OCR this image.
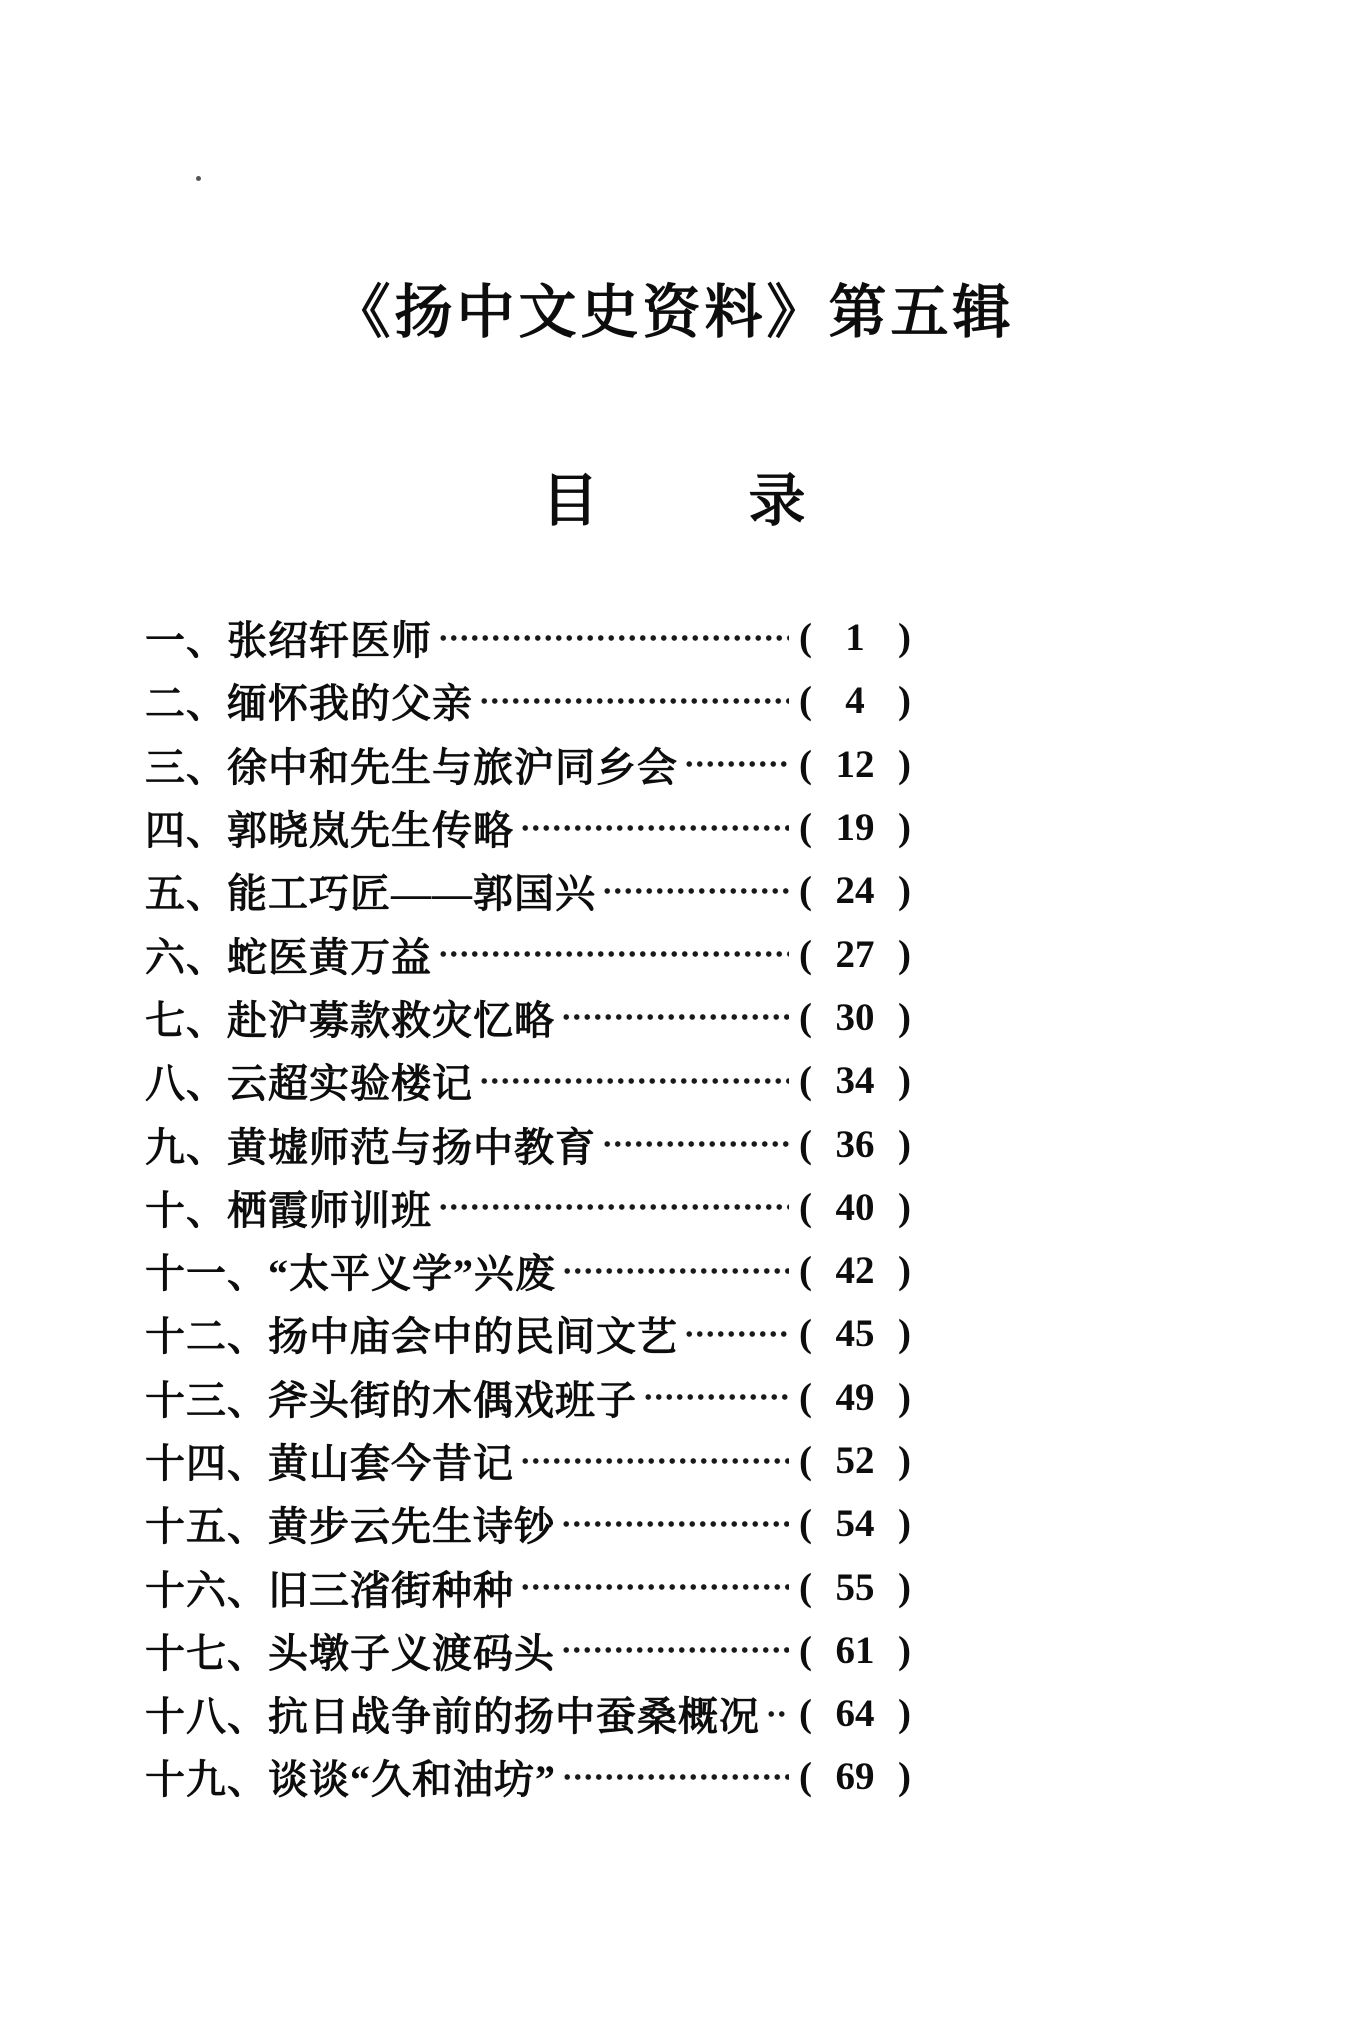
《扬中文史资料》第五辑
目	录
一、张绍轩医师	( 1 )
二、缅怀我的父亲	( 4 )
三、徐中和先生与旅沪同乡会	( 12 )
四、郭晓岚先生传略	( 19 )
五、能工巧匠——郭国兴	( 24 )
六、蛇医黄万益	( 27 )
七、赴沪募款救灾忆略	( 30 )
八、云超实验楼记	( 34 )
九、黄墟师范与扬中教育	( 36 )
十、栖霞师训班	( 40 )
十一、“太平义学”兴废	( 42 )
十二、扬中庙会中的民间文艺	( 45 )
十三、斧头街的木偶戏班子	( 49 )
十四、黄山套今昔记	( 52 )
十五、黄步云先生诗钞	( 54 )
十六、旧三渻街种种	( 55 )
十七、头墩子义渡码头	( 61 )
十八、抗日战争前的扬中蚕桑概况 ( 64 )
十九、谈谈“久和油坊”	( 69 )
